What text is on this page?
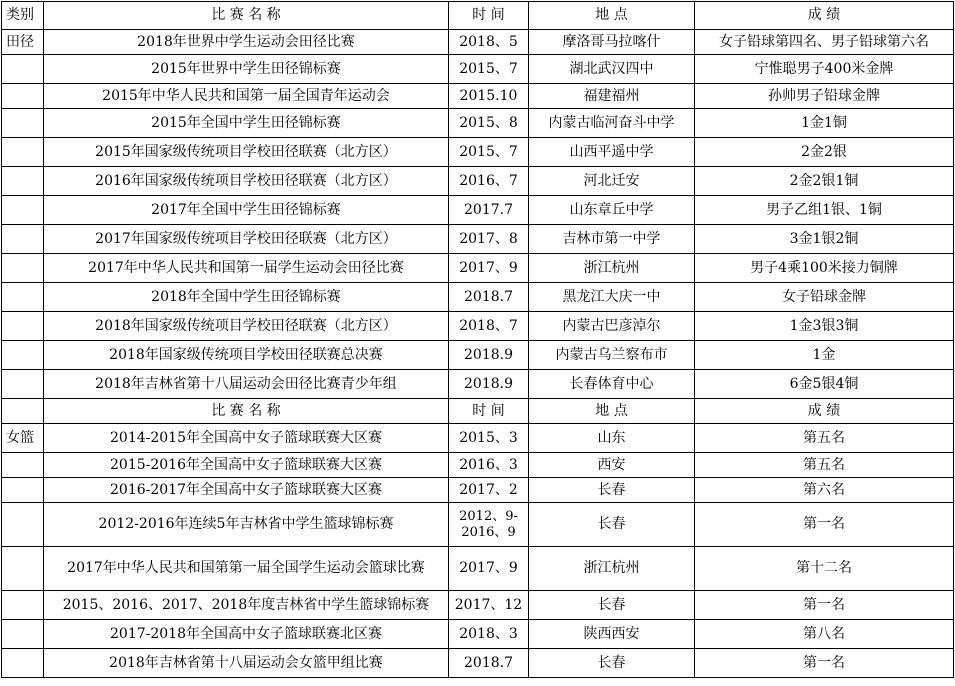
类别	比 赛 名 称	时 间	地 点	成 绩
田径	2018年世界中学生运动会田径比赛	2018、5	摩洛哥马拉喀什	女子铅球第四名、男子铅球第六名
	2015年世界中学生田径锦标赛	2015、7	湖北武汉四中	宁惟聪男子400米金牌
	2015年中华人民共和国第一届全国青年运动会	2015.10	福建福州	孙帅男子铅球金牌
	2015年全国中学生田径锦标赛	2015、8	内蒙古临河奋斗中学	1金1铜
	2015年国家级传统项目学校田径联赛（北方区）	2015、7	山西平遥中学	2金2银
	2016年国家级传统项目学校田径联赛（北方区）	2016、7	河北迁安	2金2银1铜
	2017年全国中学生田径锦标赛	2017.7	山东章丘中学	男子乙组1银、1铜
	2017年国家级传统项目学校田径联赛（北方区）	2017、8	吉林市第一中学	3金1银2铜
	2017年中华人民共和国第一届学生运动会田径比赛	2017、9	浙江杭州	男子4乘100米接力铜牌
	2018年全国中学生田径锦标赛	2018.7	黑龙江大庆一中	女子铅球金牌
	2018年国家级传统项目学校田径联赛（北方区）	2018、7	内蒙古巴彦淖尔	1金3银3铜
	2018年国家级传统项目学校田径联赛总决赛	2018.9	内蒙古乌兰察布市	1金
	2018年吉林省第十八届运动会田径比赛青少年组	2018.9	长春体育中心	6金5银4铜
	比 赛 名 称	时 间	地 点	成 绩
女篮	2014-2015年全国高中女子篮球联赛大区赛	2015、3	山东	第五名
	2015-2016年全国高中女子篮球联赛大区赛	2016、3	西安	第五名
	2016-2017年全国高中女子篮球联赛大区赛	2017、2	长春	第六名
	2012-2016年连续5年吉林省中学生篮球锦标赛	2012、9-2016、9	长春	第一名
	2017年中华人民共和国第第一届全国学生运动会篮球比赛	2017、9	浙江杭州	第十二名
	2015、2016、2017、2018年度吉林省中学生篮球锦标赛	2017、12	长春	第一名
	2017-2018年全国高中女子篮球联赛北区赛	2018、3	陕西西安	第八名
	2018年吉林省第十八届运动会女篮甲组比赛	2018.7	长春	第一名
